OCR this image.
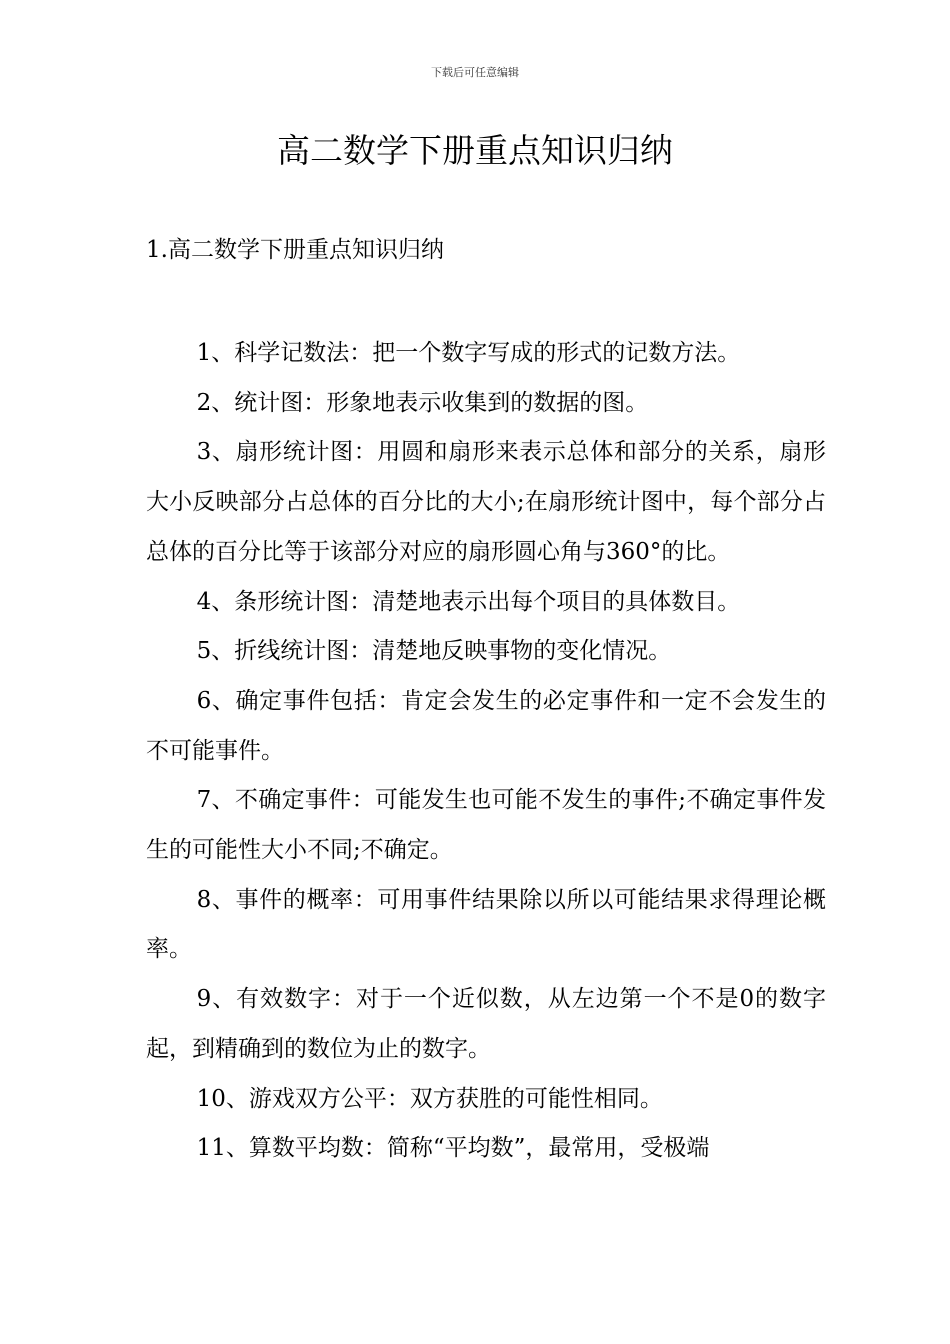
下载后可任意编辑
高二数学下册重点知识归纳
1.高二数学下册重点知识归纳

1、科学记数法：把一个数字写成的形式的记数方法。

2、统计图：形象地表示收集到的数据的图。

3、扇形统计图：用圆和扇形来表示总体和部分的关系，扇形大小反映部分占总体的百分比的大小;在扇形统计图中，每个部分占总体的百分比等于该部分对应的扇形圆心角与360°的比。

4、条形统计图：清楚地表示出每个项目的具体数目。

5、折线统计图：清楚地反映事物的变化情况。

6、确定事件包括：肯定会发生的必定事件和一定不会发生的不可能事件。

7、不确定事件：可能发生也可能不发生的事件;不确定事件发生的可能性大小不同;不确定。

8、事件的概率：可用事件结果除以所以可能结果求得理论概率。

9、有效数字：对于一个近似数，从左边第一个不是0的数字起，到精确到的数位为止的数字。

10、游戏双方公平：双方获胜的可能性相同。

11、算数平均数：简称“平均数”，最常用，受极端
